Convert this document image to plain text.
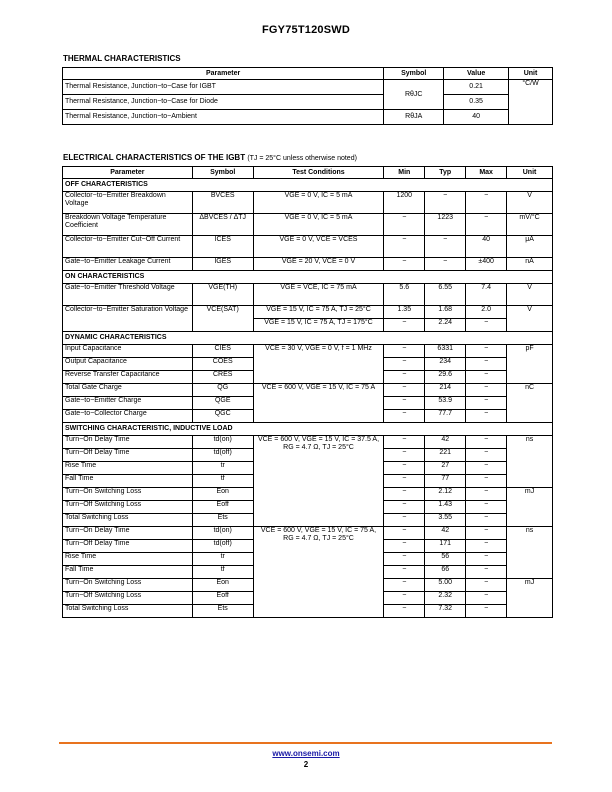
FGY75T120SWD
THERMAL CHARACTERISTICS
Parameter	Symbol	Value	Unit
Thermal Resistance, Junction−to−Case for IGBT	RθJC	0.21	°C/W
Thermal Resistance, Junction−to−Case for Diode		0.35	
Thermal Resistance, Junction−to−Ambient	RθJA	40	
ELECTRICAL CHARACTERISTICS OF THE IGBT (TJ = 25°C unless otherwise noted)
Parameter	Symbol	Test Conditions	Min	Typ	Max	Unit
OFF CHARACTERISTICS						
Collector−to−Emitter Breakdown Voltage	BVCES	VGE = 0 V, IC = 5 mA	1200	−	−	V
Breakdown Voltage Temperature Coefficient	ΔBVCES / ΔTJ	VGE = 0 V, IC = 5 mA	−	1223	−	mV/°C
Collector−to−Emitter Cut−Off Current	ICES	VGE = 0 V, VCE = VCES	−	−	40	μA
Gate−to−Emitter Leakage Current	IGES	VGE = 20 V, VCE = 0 V	−	−	±400	nA
ON CHARACTERISTICS						
Gate−to−Emitter Threshold Voltage	VGE(TH)	VGE = VCE, IC = 75 mA	5.6	6.55	7.4	V
Collector−to−Emitter Saturation Voltage	VCE(SAT)	VGE = 15 V, IC = 75 A, TJ = 25°C	1.35	1.68	2.0	V
		VGE = 15 V, IC = 75 A, TJ = 175°C	−	2.24	−	
DYNAMIC CHARACTERISTICS						
Input Capacitance	CIES	VCE = 30 V, VGE = 0 V, f = 1 MHz	−	6331	−	pF
Output Capacitance	COES		−	234	−	
Reverse Transfer Capacitance	CRES		−	29.6	−	
Total Gate Charge	QG	VCE = 600 V, VGE = 15 V, IC = 75 A	−	214	−	nC
Gate−to−Emitter Charge	QGE		−	53.9	−	
Gate−to−Collector Charge	QGC		−	77.7	−	
SWITCHING CHARACTERISTIC, INDUCTIVE LOAD						
Turn−On Delay Time	td(on)	VCE = 600 V, VGE = 15 V, IC = 37.5 A, RG = 4.7 Ω, TJ = 25°C	−	42	−	ns
Turn−Off Delay Time	td(off)		−	221	−	
Rise Time	tr		−	27	−	
Fall Time	tf		−	77	−	
Turn−On Switching Loss	Eon		−	2.12	−	mJ
Turn−Off Switching Loss	Eoff		−	1.43	−	
Total Switching Loss	Ets		−	3.55	−	
Turn−On Delay Time	td(on)	VCE = 600 V, VGE = 15 V, IC = 75 A, RG = 4.7 Ω, TJ = 25°C	−	42	−	ns
Turn−Off Delay Time	td(off)		−	171	−	
Rise Time	tr		−	56	−	
Fall Time	tf		−	66	−	
Turn−On Switching Loss	Eon		−	5.00	−	mJ
Turn−Off Switching Loss	Eoff		−	2.32	−	
Total Switching Loss	Ets		−	7.32	−	
www.onsemi.com
2
